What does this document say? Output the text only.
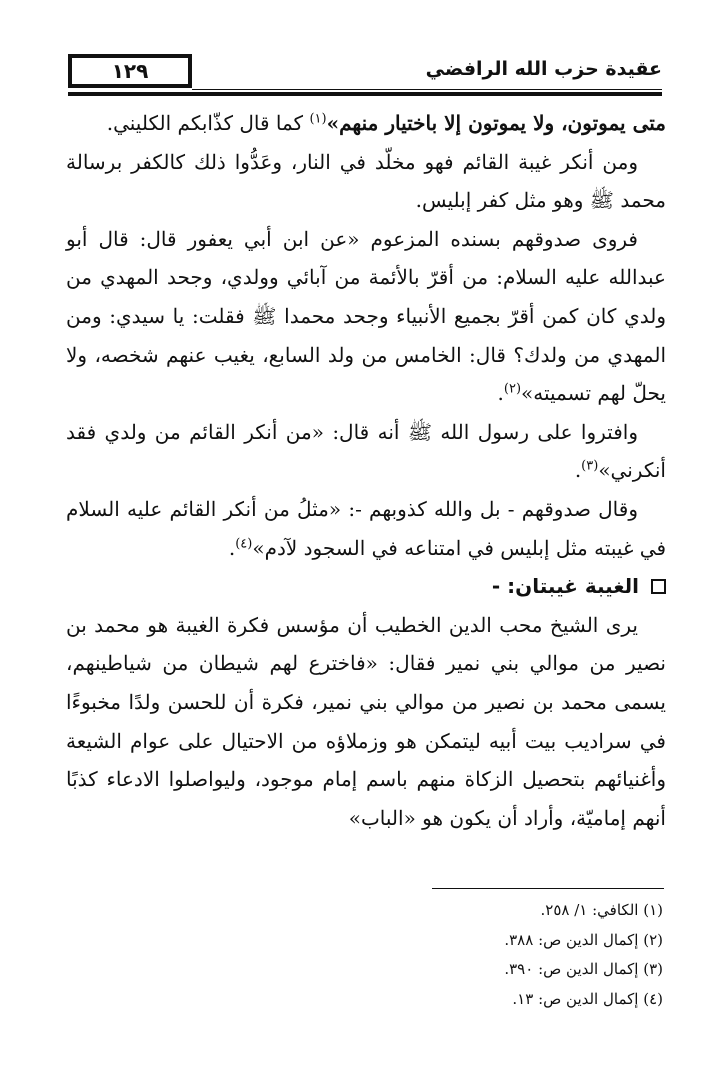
١٢٩	عقيدة حزب الله الرافضي

متى يموتون، ولا يموتون إلا باختيار منهم»$^{(١)}$ كما قال كذّابكم الكليني.

ومن أنكر غيبة القائم فهو مخلّد في النار، وعَدُّوا ذلك كالكفر برسالة محمد ﷺ وهو مثل كفر إبليس.

فروى صدوقهم بسنده المزعوم «عن ابن أبي يعفور قال: قال أبو عبدالله عليه السلام: من أقرّ بالأئمة من آبائي وولدي، وجحد المهدي من ولدي كان كمن أقرّ بجميع الأنبياء وجحد محمدا ﷺ فقلت: يا سيدي: ومن المهدي من ولدك؟ قال: الخامس من ولد السابع، يغيب عنهم شخصه، ولا يحلّ لهم تسميته»$^{(٢)}$.

وافتروا على رسول الله ﷺ أنه قال: «من أنكر القائم من ولدي فقد أنكرني»$^{(٣)}$.

وقال صدوقهم - بل والله كذوبهم -: «مثلُ من أنكر القائم عليه السلام في غيبته مثل إبليس في امتناعه في السجود لآدم»$^{(٤)}$.

الغيبة غيبتان: -

يرى الشيخ محب الدين الخطيب أن مؤسس فكرة الغيبة هو محمد بن نصير من موالي بني نمير فقال: «فاخترع لهم شيطان من شياطينهم، يسمى محمد بن نصير من موالي بني نمير، فكرة أن للحسن ولدًا مخبوءًا في سراديب بيت أبيه ليتمكن هو وزملاؤه من الاحتيال على عوام الشيعة وأغنيائهم بتحصيل الزكاة منهم باسم إمام موجود، وليواصلوا الادعاء كذبًا أنهم إماميّة، وأراد أن يكون هو «الباب»

(١) الكافي: ١/ ٢٥٨.
(٢) إكمال الدين ص: ٣٨٨.
(٣) إكمال الدين ص: ٣٩٠.
(٤) إكمال الدين ص: ١٣.
